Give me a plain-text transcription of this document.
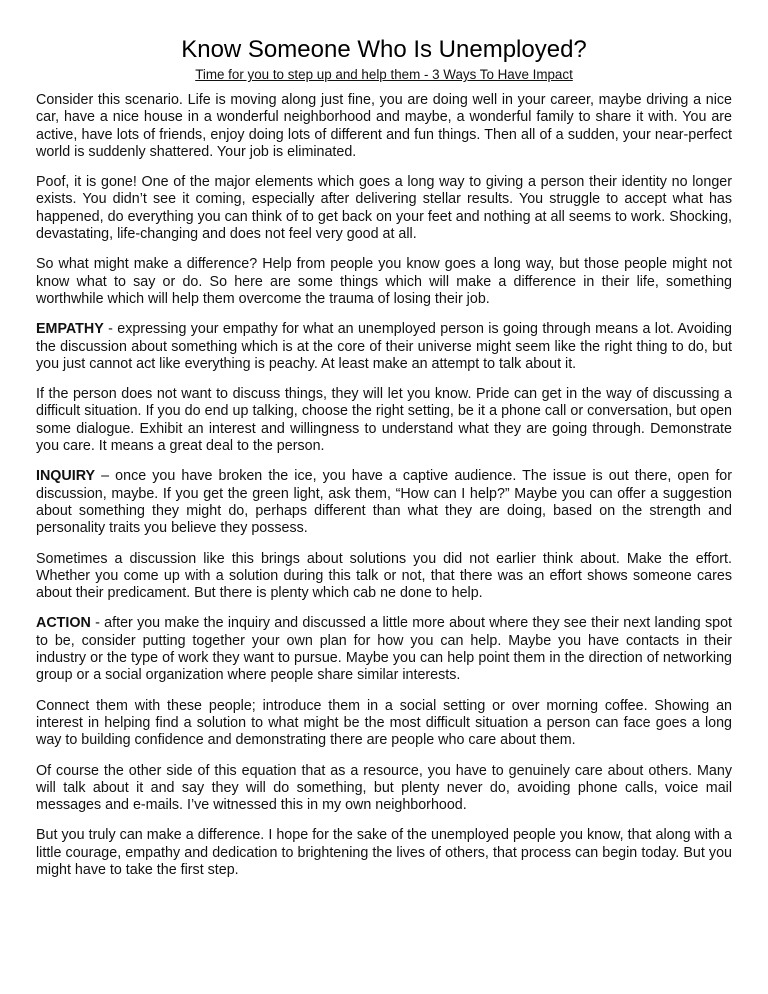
Know Someone Who Is Unemployed?
Time for you to step up and help them - 3 Ways To Have Impact

Consider this scenario. Life is moving along just fine, you are doing well in your career, maybe driving a nice car, have a nice house in a wonderful neighborhood and maybe, a wonderful family to share it with. You are active, have lots of friends, enjoy doing lots of different and fun things. Then all of a sudden, your near-perfect world is suddenly shattered. Your job is eliminated.

Poof, it is gone! One of the major elements which goes a long way to giving a person their identity no longer exists. You didn’t see it coming, especially after delivering stellar results. You struggle to accept what has happened, do everything you can think of to get back on your feet and nothing at all seems to work. Shocking, devastating, life-changing and does not feel very good at all.

So what might make a difference? Help from people you know goes a long way, but those people might not know what to say or do. So here are some things which will make a difference in their life, something worthwhile which will help them overcome the trauma of losing their job.

EMPATHY - expressing your empathy for what an unemployed person is going through means a lot. Avoiding the discussion about something which is at the core of their universe might seem like the right thing to do, but you just cannot act like everything is peachy. At least make an attempt to talk about it.

If the person does not want to discuss things, they will let you know. Pride can get in the way of discussing a difficult situation. If you do end up talking, choose the right setting, be it a phone call or conversation, but open some dialogue. Exhibit an interest and willingness to understand what they are going through. Demonstrate you care. It means a great deal to the person.

INQUIRY – once you have broken the ice, you have a captive audience. The issue is out there, open for discussion, maybe. If you get the green light, ask them, “How can I help?” Maybe you can offer a suggestion about something they might do, perhaps different than what they are doing, based on the strength and personality traits you believe they possess.

Sometimes a discussion like this brings about solutions you did not earlier think about. Make the effort. Whether you come up with a solution during this talk or not, that there was an effort shows someone cares about their predicament. But there is plenty which cab ne done to help.

ACTION - after you make the inquiry and discussed a little more about where they see their next landing spot to be, consider putting together your own plan for how you can help. Maybe you have contacts in their industry or the type of work they want to pursue. Maybe you can help point them in the direction of networking group or a social organization where people share similar interests.

Connect them with these people; introduce them in a social setting or over morning coffee. Showing an interest in helping find a solution to what might be the most difficult situation a person can face goes a long way to building confidence and demonstrating there are people who care about them.

Of course the other side of this equation that as a resource, you have to genuinely care about others. Many will talk about it and say they will do something, but plenty never do, avoiding phone calls, voice mail messages and e-mails. I’ve witnessed this in my own neighborhood.

But you truly can make a difference. I hope for the sake of the unemployed people you know, that along with a little courage, empathy and dedication to brightening the lives of others, that process can begin today. But you might have to take the first step.
